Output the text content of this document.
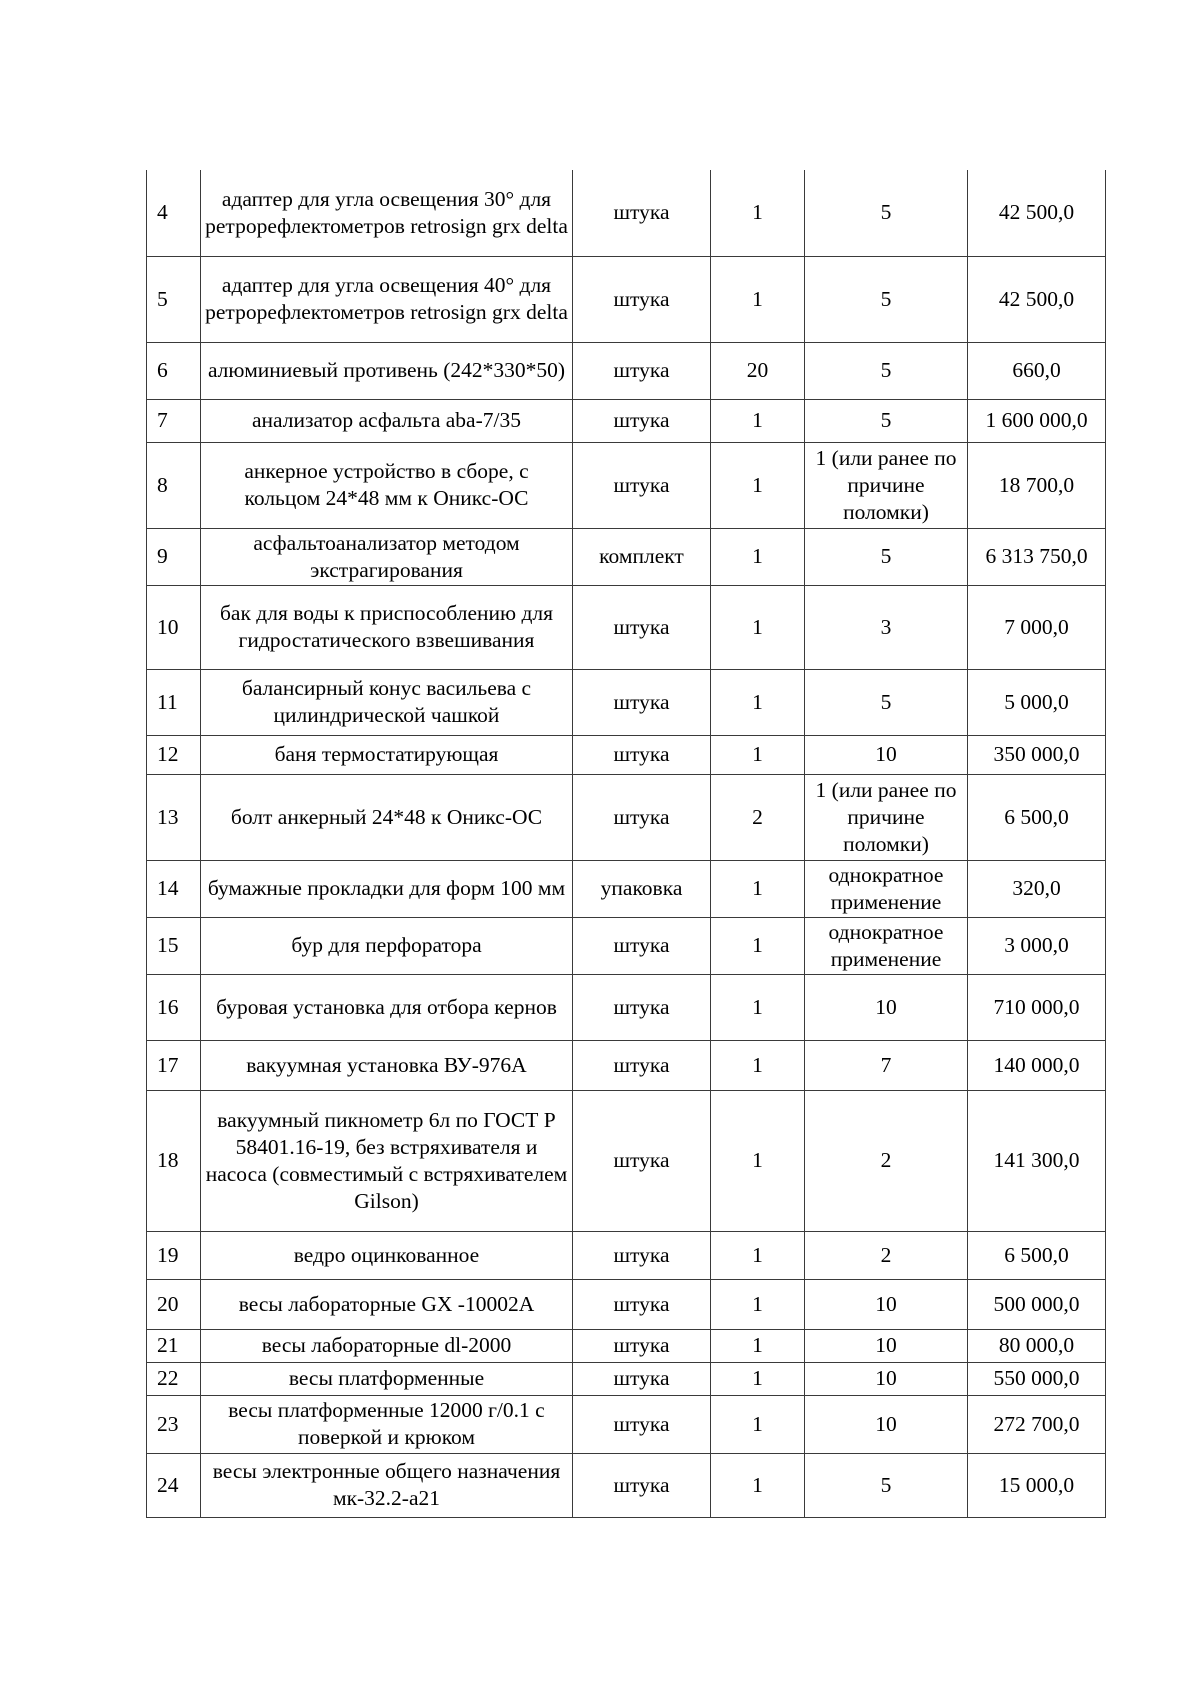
4	адаптер для угла освещения 30° для ретрорефлектометров retrosign grx delta	штука	1	5	42 500,0
5	адаптер для угла освещения 40° для ретрорефлектометров retrosign grx delta	штука	1	5	42 500,0
6	алюминиевый противень (242*330*50)	штука	20	5	660,0
7	анализатор асфальта aba-7/35	штука	1	5	1 600 000,0
8	анкерное устройство в сборе, с кольцом 24*48 мм к Оникс-ОС	штука	1	1 (или ранее по причине поломки)	18 700,0
9	асфальтоанализатор методом экстрагирования	комплект	1	5	6 313 750,0
10	бак для воды к приспособлению для гидростатического взвешивания	штука	1	3	7 000,0
11	балансирный конус васильева с цилиндрической чашкой	штука	1	5	5 000,0
12	баня термостатирующая	штука	1	10	350 000,0
13	болт анкерный 24*48 к Оникс-ОС	штука	2	1 (или ранее по причине поломки)	6 500,0
14	бумажные прокладки для форм 100 мм	упаковка	1	однократное применение	320,0
15	бур для перфоратора	штука	1	однократное применение	3 000,0
16	буровая установка для отбора кернов	штука	1	10	710 000,0
17	вакуумная установка ВУ-976А	штука	1	7	140 000,0
18	вакуумный пикнометр 6л по ГОСТ Р 58401.16-19, без встряхивателя и насоса (совместимый с встряхивателем Gilson)	штука	1	2	141 300,0
19	ведро оцинкованное	штука	1	2	6 500,0
20	весы лабораторные GX -10002A	штука	1	10	500 000,0
21	весы лабораторные dl-2000	штука	1	10	80 000,0
22	весы платформенные	штука	1	10	550 000,0
23	весы платформенные 12000 г/0.1 с поверкой и крюком	штука	1	10	272 700,0
24	весы электронные общего назначения мк-32.2-а21	штука	1	5	15 000,0
